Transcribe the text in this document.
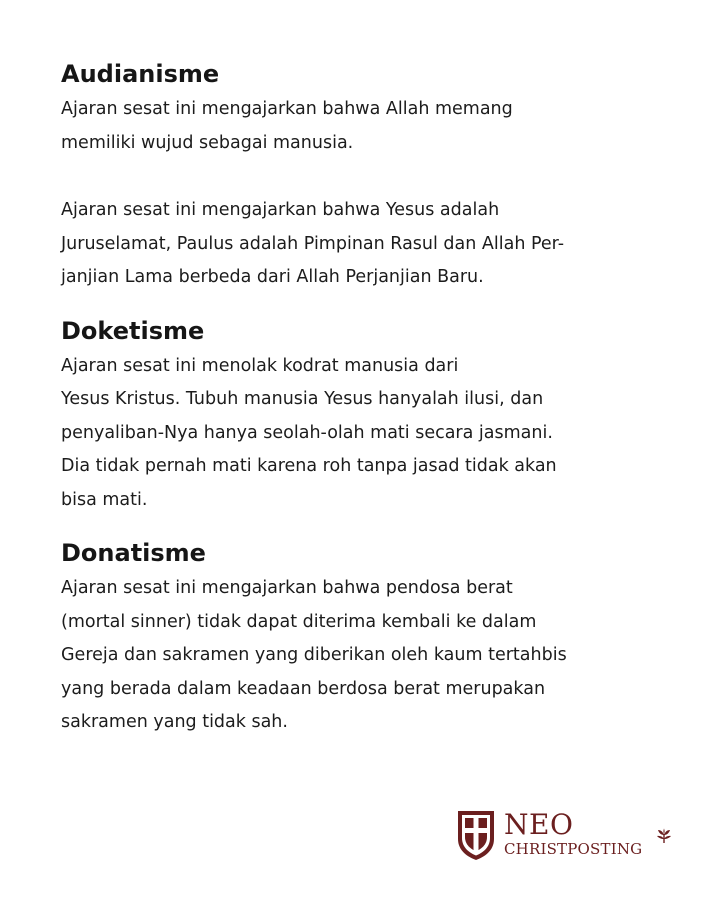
Audianisme

Ajaran sesat ini mengajarkan bahwa Allah memang
memiliki wujud sebagai manusia.

Ajaran sesat ini mengajarkan bahwa Yesus adalah
Juruselamat, Paulus adalah Pimpinan Rasul dan Allah Per-
janjian Lama berbeda dari Allah Perjanjian Baru.

Doketisme

Ajaran sesat ini menolak kodrat manusia dari
Yesus Kristus. Tubuh manusia Yesus hanyalah ilusi, dan
penyaliban-Nya hanya seolah-olah mati secara jasmani.
Dia tidak pernah mati karena roh tanpa jasad tidak akan
bisa mati.

Donatisme

Ajaran sesat ini mengajarkan bahwa pendosa berat
(mortal sinner) tidak dapat diterima kembali ke dalam
Gereja dan sakramen yang diberikan oleh kaum tertahbis
yang berada dalam keadaan berdosa berat merupakan
sakramen yang tidak sah.

NEO
CHRISTPOSTING
